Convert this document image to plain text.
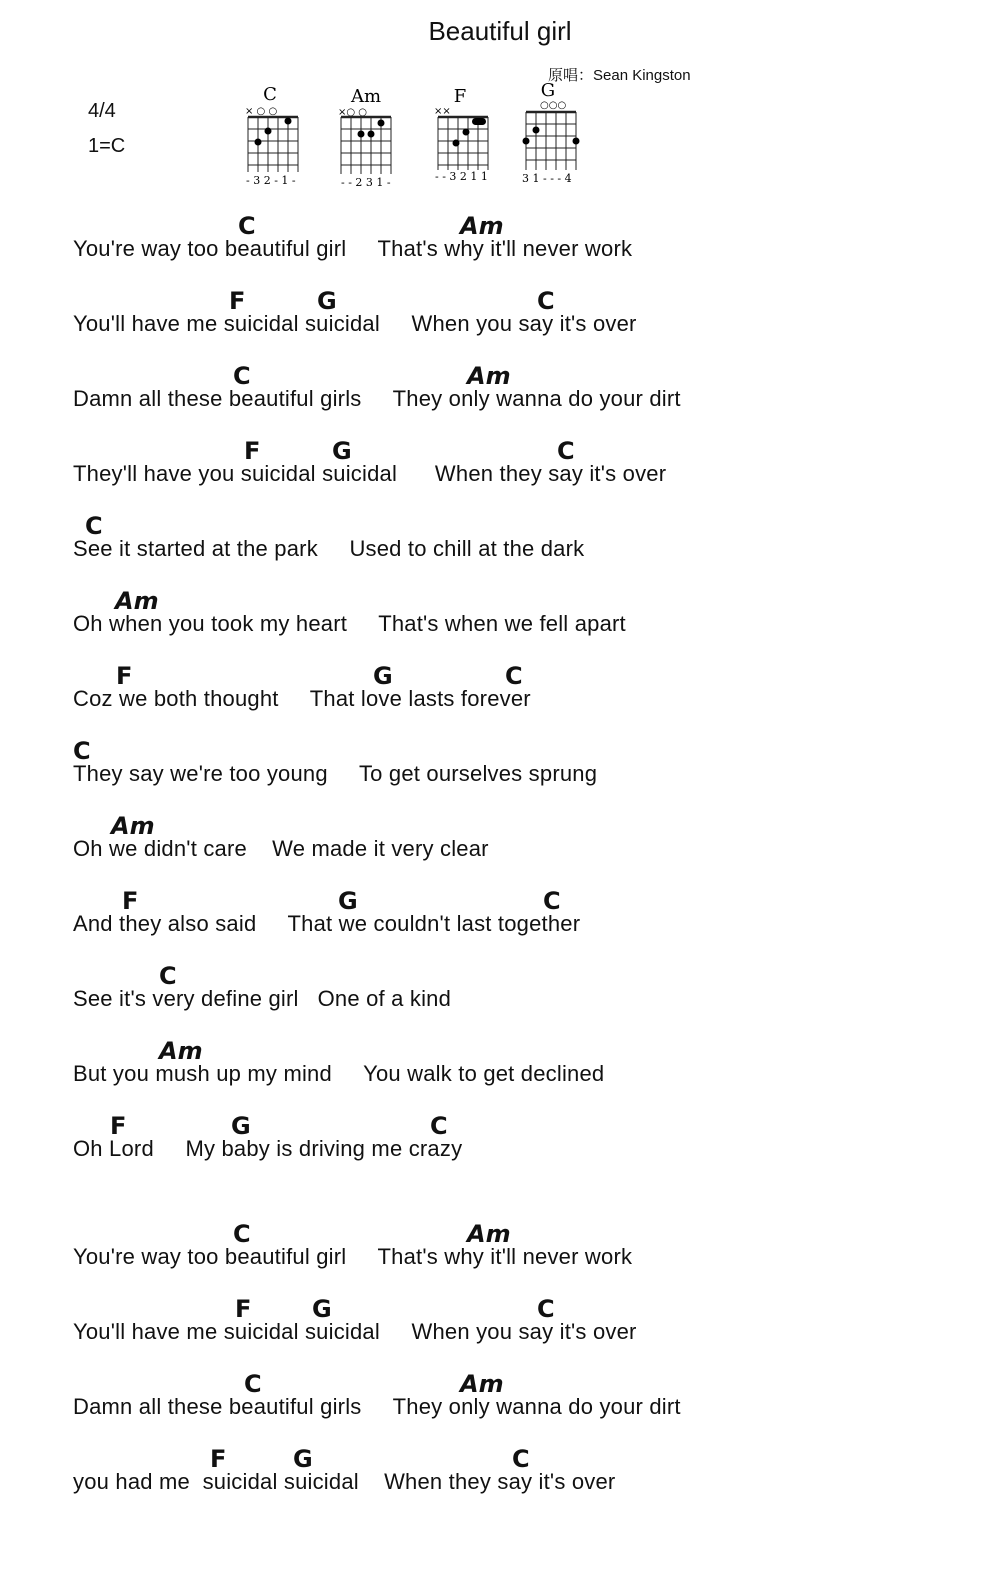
Beautiful girl
原唱：Sean Kingston
4/4
1=C
C
× ○ ○
- 3 2 - 1 -
Am
×○ ○
- - 2 3 1 -
F
××
- - 3 2 1 1
G
○○○
3 1 - - - 4
C	Am
You're way too beautiful girl     That's why it'll never work
F	G	C
You'll have me suicidal suicidal     When you say it's over
C	Am
Damn all these beautiful girls     They only wanna do your dirt
F	G	C
They'll have you suicidal suicidal      When they say it's over
C
See it started at the park     Used to chill at the dark
Am
Oh when you took my heart     That's when we fell apart
F	G	C
Coz we both thought     That love lasts forever
C
They say we're too young     To get ourselves sprung
Am
Oh we didn't care    We made it very clear
F	G	C
And they also said     That we couldn't last together
C
See it's very define girl   One of a kind
Am
But you mush up my mind     You walk to get declined
F	G	C
Oh Lord     My baby is driving me crazy
C	Am
You're way too beautiful girl     That's why it'll never work
F	G	C
You'll have me suicidal suicidal     When you say it's over
C	Am
Damn all these beautiful girls     They only wanna do your dirt
F	G	C
you had me  suicidal suicidal    When they say it's over
